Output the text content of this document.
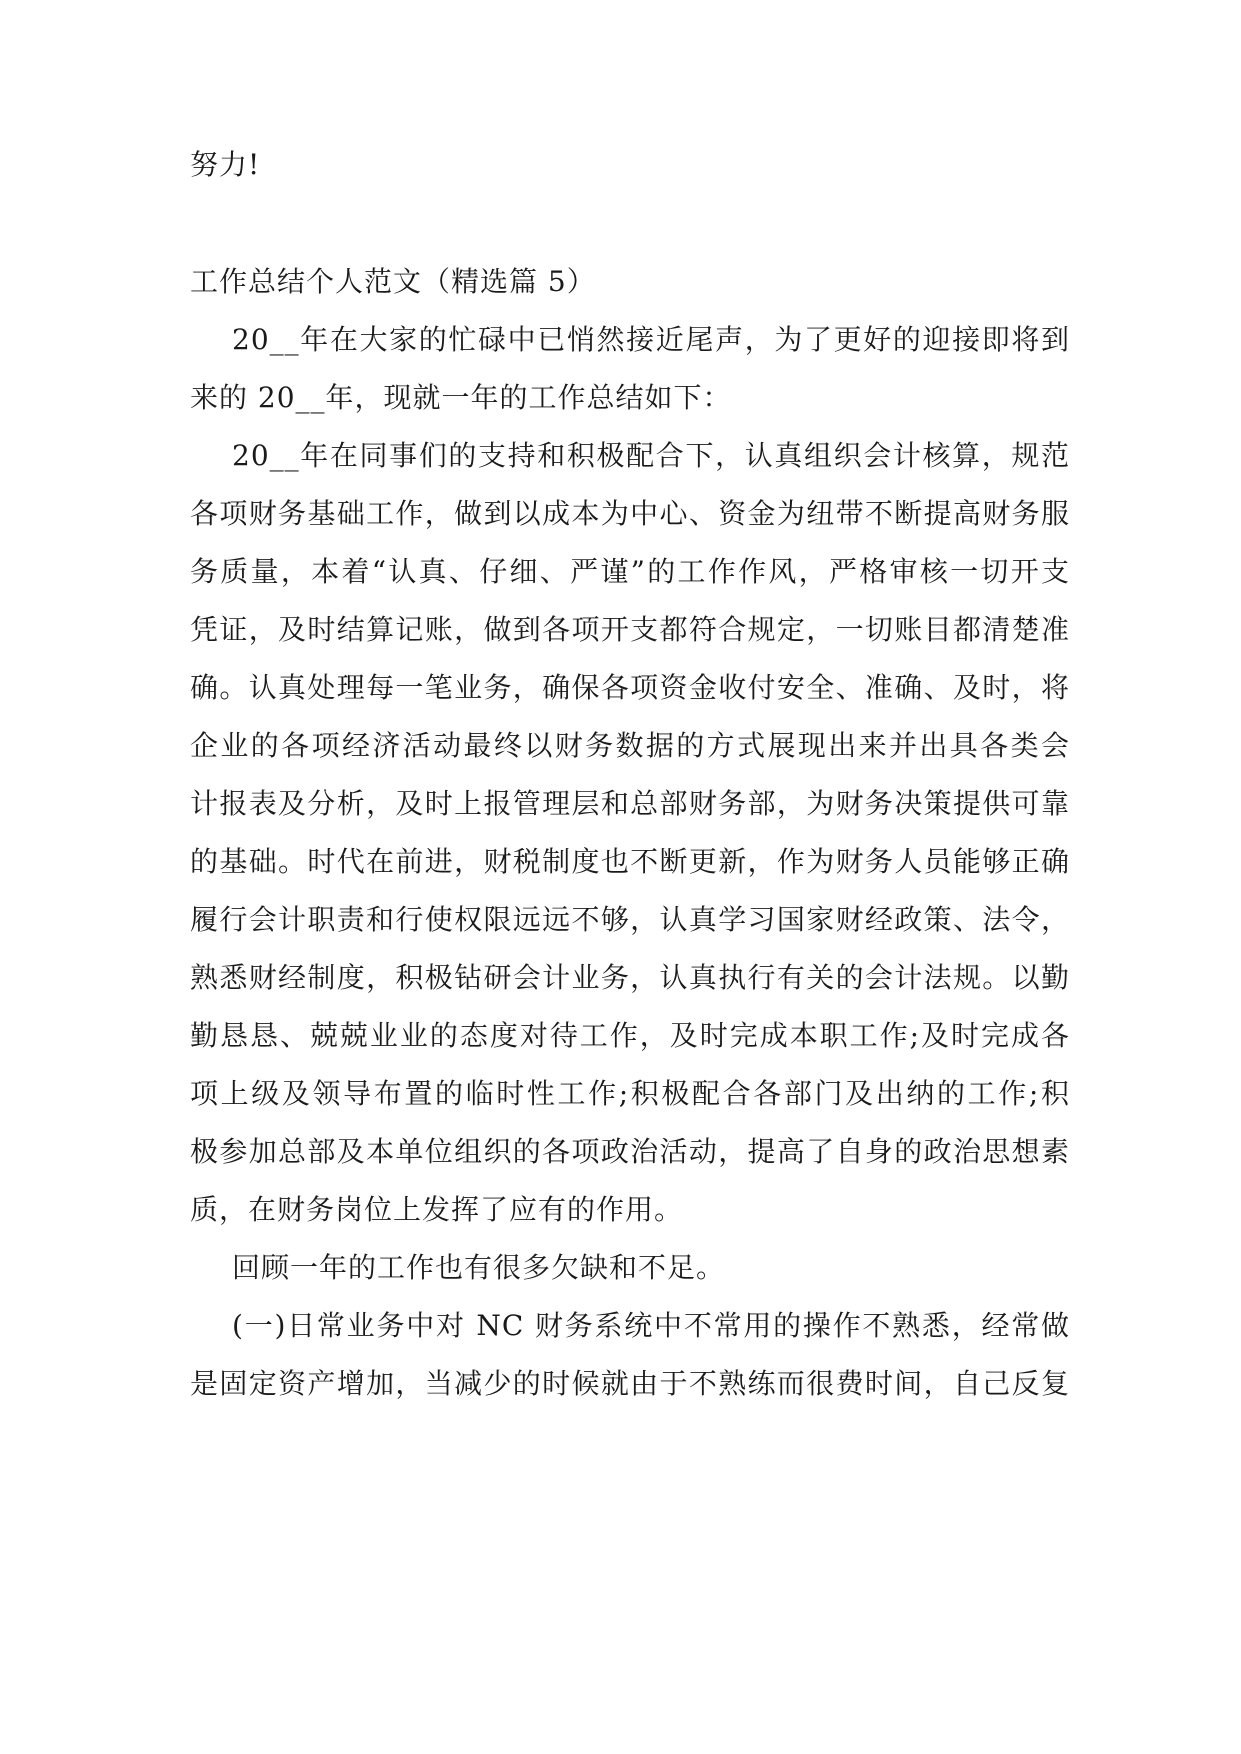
努力!
工作总结个人范文（精选篇 5）
20__年在大家的忙碌中已悄然接近尾声，为了更好的迎接即将到
来的 20__年，现就一年的工作总结如下：
20__年在同事们的支持和积极配合下，认真组织会计核算，规范
各项财务基础工作，做到以成本为中心、资金为纽带不断提高财务服
务质量，本着“认真、仔细、严谨”的工作作风，严格审核一切开支
凭证，及时结算记账，做到各项开支都符合规定，一切账目都清楚准
确。认真处理每一笔业务，确保各项资金收付安全、准确、及时，将
企业的各项经济活动最终以财务数据的方式展现出来并出具各类会
计报表及分析，及时上报管理层和总部财务部，为财务决策提供可靠
的基础。时代在前进，财税制度也不断更新，作为财务人员能够正确
履行会计职责和行使权限远远不够，认真学习国家财经政策、法令，
熟悉财经制度，积极钻研会计业务，认真执行有关的会计法规。以勤
勤恳恳、兢兢业业的态度对待工作，及时完成本职工作;及时完成各
项上级及领导布置的临时性工作;积极配合各部门及出纳的工作;积
极参加总部及本单位组织的各项政治活动，提高了自身的政治思想素
质，在财务岗位上发挥了应有的作用。
回顾一年的工作也有很多欠缺和不足。
(一)日常业务中对 NC 财务系统中不常用的操作不熟悉，经常做
是固定资产增加，当减少的时候就由于不熟练而很费时间，自己反复
